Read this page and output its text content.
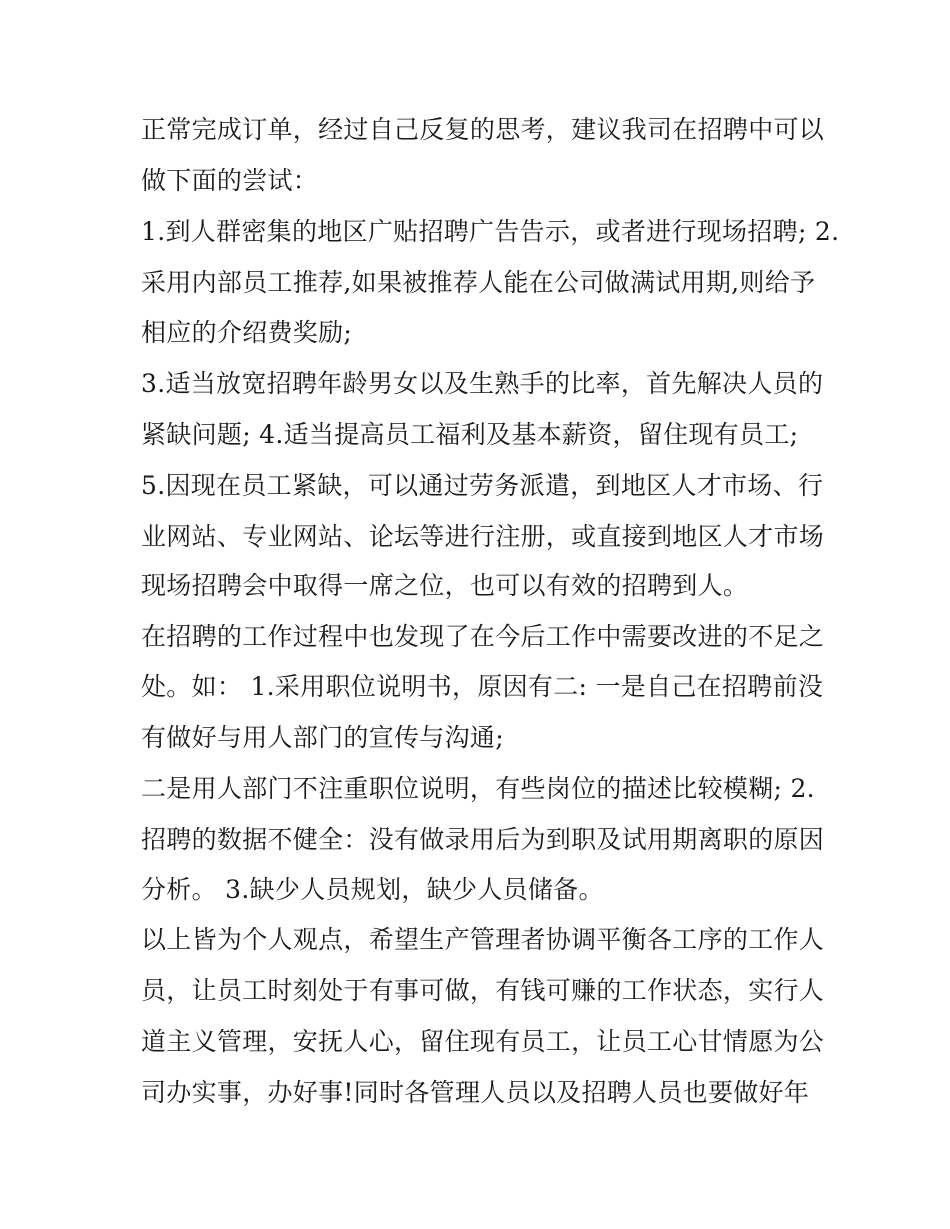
正常完成订单，经过自己反复的思考，建议我司在招聘中可以
做下面的尝试：
1.到人群密集的地区广贴招聘广告告示，或者进行现场招聘; 2.
采用内部员工推荐,如果被推荐人能在公司做满试用期,则给予
相应的介绍费奖励;
3.适当放宽招聘年龄男女以及生熟手的比率，首先解决人员的
紧缺问题; 4.适当提高员工福利及基本薪资，留住现有员工;
5.因现在员工紧缺，可以通过劳务派遣，到地区人才市场、行
业网站、专业网站、论坛等进行注册，或直接到地区人才市场
现场招聘会中取得一席之位，也可以有效的招聘到人。
在招聘的工作过程中也发现了在今后工作中需要改进的不足之
处。如： 1.采用职位说明书，原因有二: 一是自己在招聘前没
有做好与用人部门的宣传与沟通;
二是用人部门不注重职位说明，有些岗位的描述比较模糊; 2.
招聘的数据不健全：没有做录用后为到职及试用期离职的原因
分析。 3.缺少人员规划，缺少人员储备。
以上皆为个人观点，希望生产管理者协调平衡各工序的工作人
员，让员工时刻处于有事可做，有钱可赚的工作状态，实行人
道主义管理，安抚人心，留住现有员工，让员工心甘情愿为公
司办实事，办好事!同时各管理人员以及招聘人员也要做好年
